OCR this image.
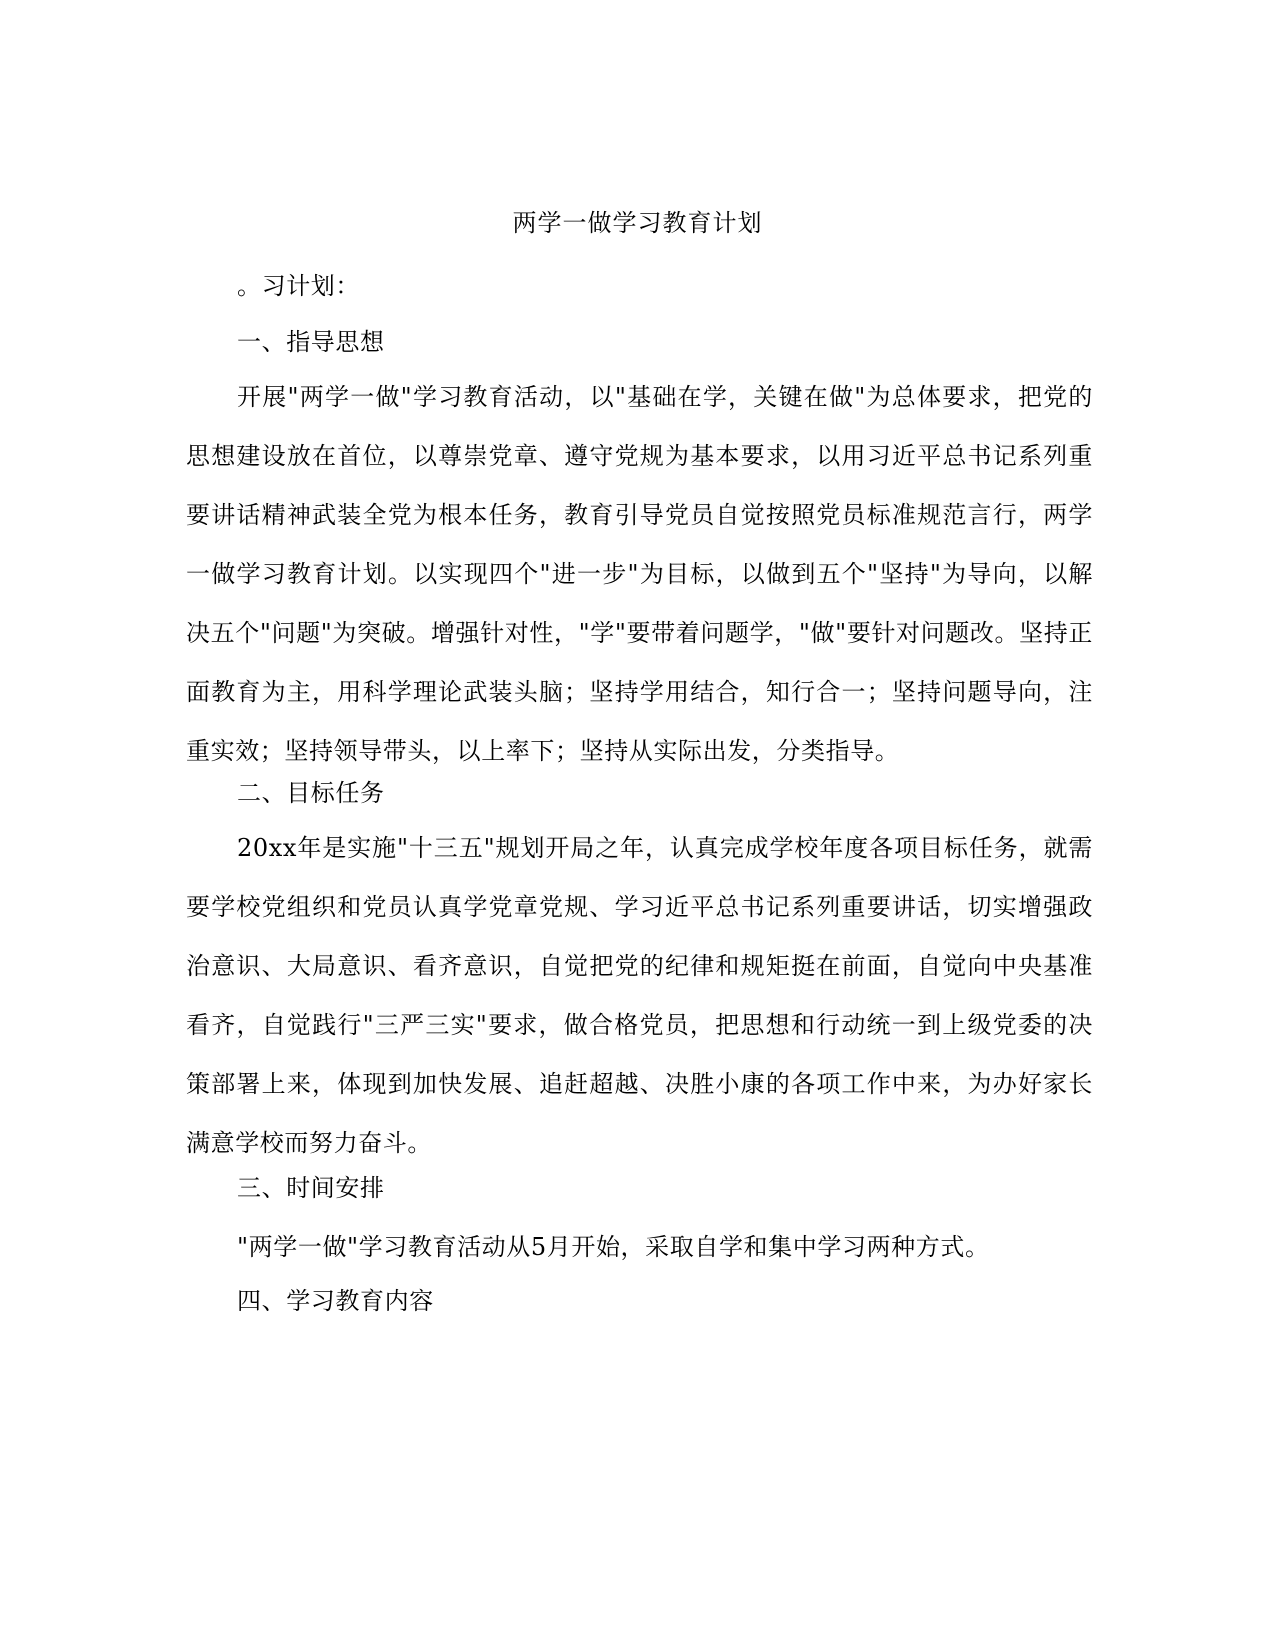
两学一做学习教育计划
。习计划：
一、指导思想

开展"两学一做"学习教育活动，以"基础在学，关键在做"为总体要求，把党的思想建设放在首位，以尊崇党章、遵守党规为基本要求，以用习近平总书记系列重要讲话精神武装全党为根本任务，教育引导党员自觉按照党员标准规范言行，两学一做学习教育计划。以实现四个"进一步"为目标，以做到五个"坚持"为导向，以解决五个"问题"为突破。增强针对性，"学"要带着问题学，"做"要针对问题改。坚持正面教育为主，用科学理论武装头脑；坚持学用结合，知行合一；坚持问题导向，注重实效；坚持领导带头，以上率下；坚持从实际出发，分类指导。

二、目标任务

20xx年是实施"十三五"规划开局之年，认真完成学校年度各项目标任务，就需要学校党组织和党员认真学党章党规、学习近平总书记系列重要讲话，切实增强政治意识、大局意识、看齐意识，自觉把党的纪律和规矩挺在前面，自觉向中央基准看齐，自觉践行"三严三实"要求，做合格党员，把思想和行动统一到上级党委的决策部署上来，体现到加快发展、追赶超越、决胜小康的各项工作中来，为办好家长满意学校而努力奋斗。

三、时间安排

"两学一做"学习教育活动从5月开始，采取自学和集中学习两种方式。

四、学习教育内容
